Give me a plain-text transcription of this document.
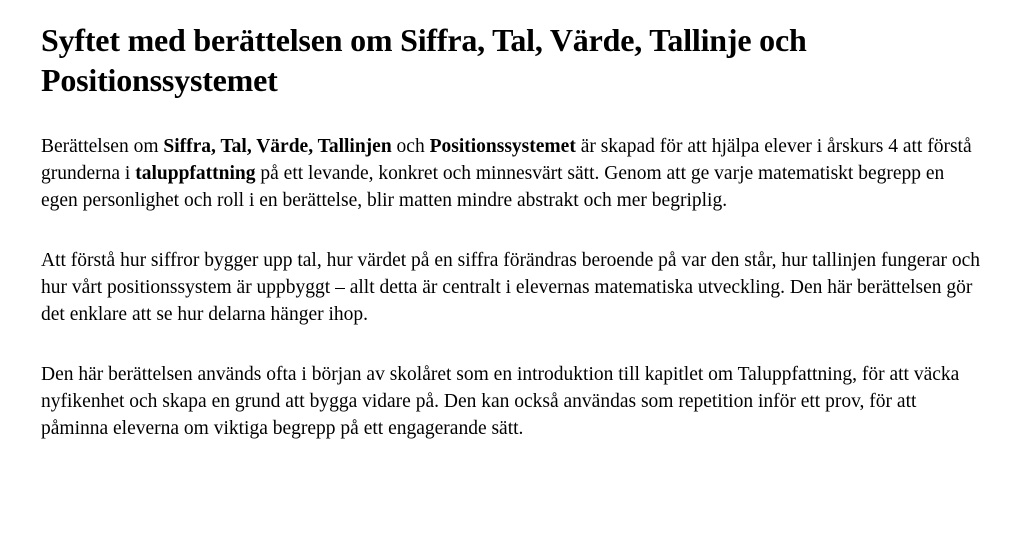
Syftet med berättelsen om Siffra, Tal, Värde, Tallinje och Positionssystemet

Berättelsen om Siffra, Tal, Värde, Tallinjen och Positionssystemet är skapad för att hjälpa elever i årskurs 4 att förstå grunderna i taluppfattning på ett levande, konkret och minnesvärt sätt. Genom att ge varje matematiskt begrepp en egen personlighet och roll i en berättelse, blir matten mindre abstrakt och mer begriplig.

Att förstå hur siffror bygger upp tal, hur värdet på en siffra förändras beroende på var den står, hur tallinjen fungerar och hur vårt positionssystem är uppbyggt – allt detta är centralt i elevernas matematiska utveckling. Den här berättelsen gör det enklare att se hur delarna hänger ihop.

Den här berättelsen används ofta i början av skolåret som en introduktion till kapitlet om Taluppfattning, för att väcka nyfikenhet och skapa en grund att bygga vidare på. Den kan också användas som repetition inför ett prov, för att påminna eleverna om viktiga begrepp på ett engagerande sätt.
